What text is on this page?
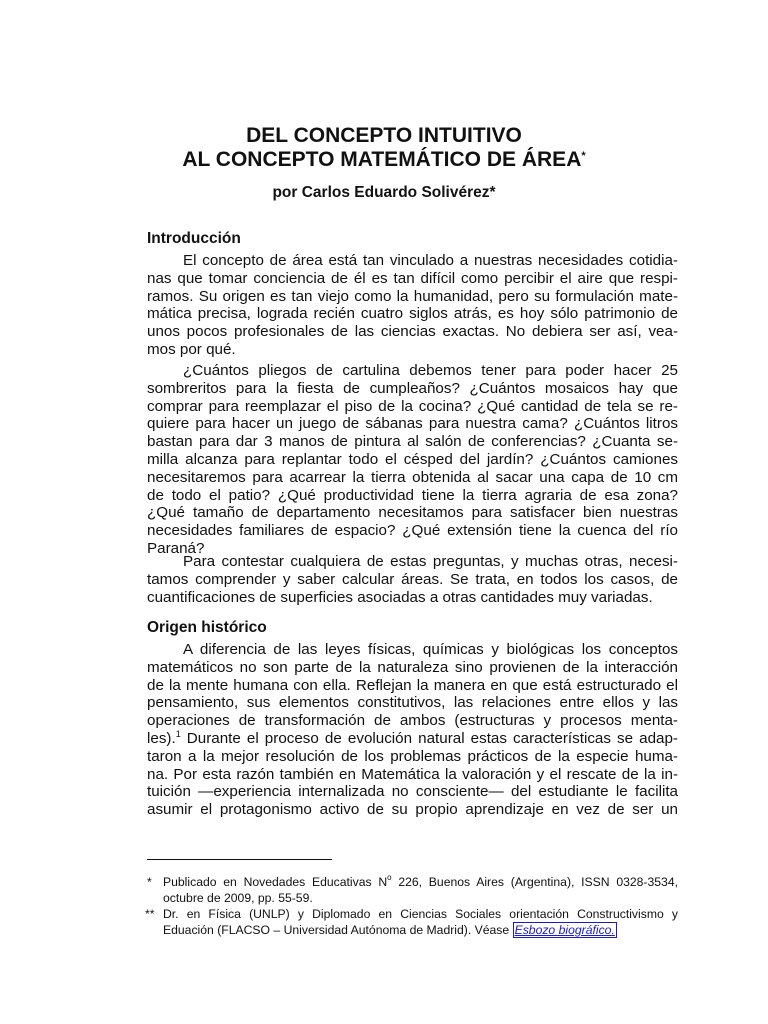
DEL CONCEPTO INTUITIVO
AL CONCEPTO MATEMÁTICO DE ÁREA*
por Carlos Eduardo Solivérez*
Introducción
El concepto de área está tan vinculado a nuestras necesidades cotidia-
nas que tomar conciencia de él es tan difícil como percibir el aire que respi-
ramos. Su origen es tan viejo como la humanidad, pero su formulación mate-
mática precisa, lograda recién cuatro siglos atrás, es hoy sólo patrimonio de
unos pocos profesionales de las ciencias exactas. No debiera ser así, vea-
mos por qué.
¿Cuántos pliegos de cartulina debemos tener para poder hacer 25
sombreritos para la fiesta de cumpleaños? ¿Cuántos mosaicos hay que
comprar para reemplazar el piso de la cocina? ¿Qué cantidad de tela se re-
quiere para hacer un juego de sábanas para nuestra cama? ¿Cuántos litros
bastan para dar 3 manos de pintura al salón de conferencias? ¿Cuanta se-
milla alcanza para replantar todo el césped del jardín? ¿Cuántos camiones
necesitaremos para acarrear la tierra obtenida al sacar una capa de 10 cm
de todo el patio? ¿Qué productividad tiene la tierra agraria de esa zona?
¿Qué tamaño de departamento necesitamos para satisfacer bien nuestras
necesidades familiares de espacio? ¿Qué extensión tiene la cuenca del río
Paraná?
Para contestar cualquiera de estas preguntas, y muchas otras, necesi-
tamos comprender y saber calcular áreas. Se trata, en todos los casos, de
cuantificaciones de superficies asociadas a otras cantidades muy variadas.
Origen histórico
A diferencia de las leyes físicas, químicas y biológicas los conceptos
matemáticos no son parte de la naturaleza sino provienen de la interacción
de la mente humana con ella. Reflejan la manera en que está estructurado el
pensamiento, sus elementos constitutivos, las relaciones entre ellos y las
operaciones de transformación de ambos (estructuras y procesos menta-
les).$^1$ Durante el proceso de evolución natural estas características se adap-
taron a la mejor resolución de los problemas prácticos de la especie huma-
na. Por esta razón también en Matemática la valoración y el rescate de la in-
tuición —experiencia internalizada no consciente— del estudiante le facilita
asumir el protagonismo activo de su propio aprendizaje en vez de ser un
* Publicado en Novedades Educativas $N^o$ 226, Buenos Aires (Argentina), ISSN 0328-3534,
octubre de 2009, pp. 55-59.
** Dr. en Física (UNLP) y Diplomado en Ciencias Sociales orientación Constructivismo y
Eduación (FLACSO – Universidad Autónoma de Madrid). Véase Esbozo biográfico.
